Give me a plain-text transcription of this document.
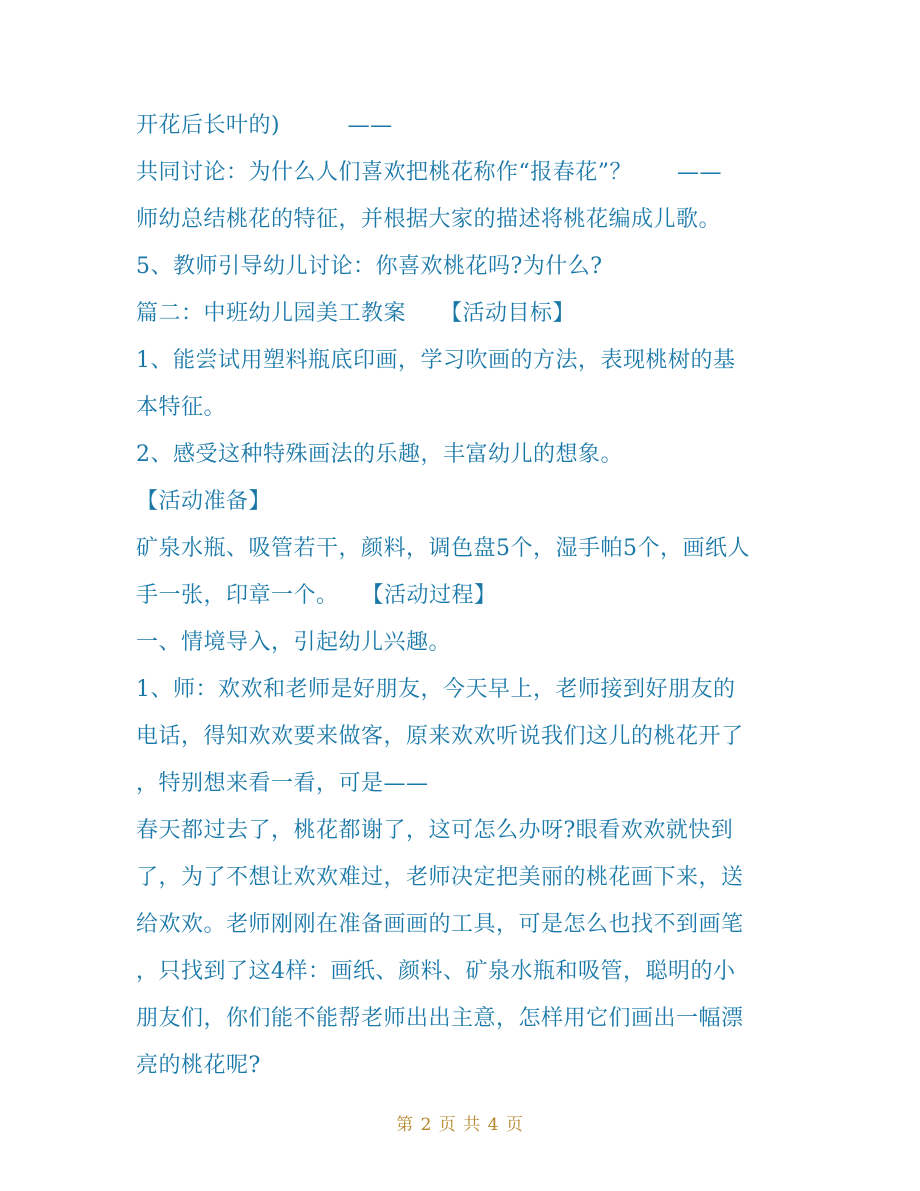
开花后长叶的)　　　——
共同讨论：为什么人们喜欢把桃花称作“报春花”？　　——
师幼总结桃花的特征，并根据大家的描述将桃花编成儿歌。
5、教师引导幼儿讨论：你喜欢桃花吗?为什么?
篇二：中班幼儿园美工教案　　【活动目标】
1、能尝试用塑料瓶底印画，学习吹画的方法，表现桃树的基
本特征。
2、感受这种特殊画法的乐趣，丰富幼儿的想象。
【活动准备】
矿泉水瓶、吸管若干，颜料，调色盘5个，湿手帕5个，画纸人
手一张，印章一个。　　【活动过程】
一、情境导入，引起幼儿兴趣。
1、师：欢欢和老师是好朋友，今天早上，老师接到好朋友的
电话，得知欢欢要来做客，原来欢欢听说我们这儿的桃花开了
，特别想来看一看，可是——
春天都过去了，桃花都谢了，这可怎么办呀?眼看欢欢就快到
了，为了不想让欢欢难过，老师决定把美丽的桃花画下来，送
给欢欢。老师刚刚在准备画画的工具，可是怎么也找不到画笔
，只找到了这4样：画纸、颜料、矿泉水瓶和吸管，聪明的小
朋友们，你们能不能帮老师出出主意，怎样用它们画出一幅漂
亮的桃花呢?
第 2 页 共 4 页
